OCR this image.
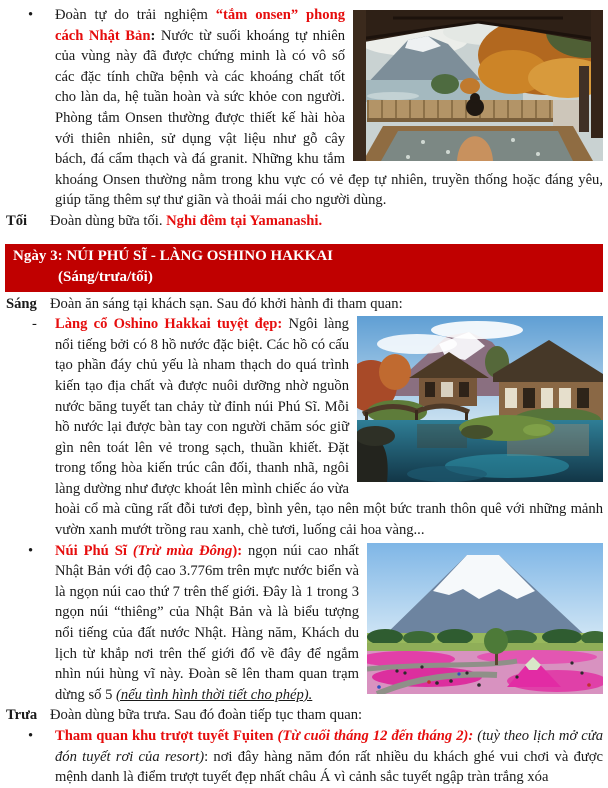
• Đoàn tự do trải nghiệm “tắm onsen” phong cách Nhật Bản: Nước từ suối khoáng tự nhiên của vùng này đã được chứng minh là có vô số các đặc tính chữa bệnh và các khoáng chất tốt cho làn da, hệ tuần hoàn và sức khỏe con người. Phòng tắm Onsen thường được thiết kế hài hòa với thiên nhiên, sử dụng vật liệu như gỗ cây bách, đá cẩm thạch và đá granit. Những khu tắm khoáng Onsen thường nằm trong khu vực có vẻ đẹp tự nhiên, truyền thống hoặc đáng yêu, giúp tăng thêm sự thư giãn và thoải mái cho người dùng.
Tối Đoàn dùng bữa tối. Nghỉ đêm tại Yamanashi.
Ngày 3: NÚI PHÚ SĨ - LÀNG OSHINO HAKKAI
(Sáng/trưa/tối)
Sáng Đoàn ăn sáng tại khách sạn. Sau đó khởi hành đi tham quan:
- Làng cổ Oshino Hakkai tuyệt đẹp: Ngôi làng nổi tiếng bởi có 8 hồ nước đặc biệt. Các hồ có cấu tạo phần đáy chủ yếu là nham thạch do quá trình kiến tạo địa chất và được nuôi dưỡng nhờ nguồn nước băng tuyết tan chảy từ đỉnh núi Phú Sĩ. Mỗi hồ nước lại được bàn tay con người chăm sóc giữ gìn nên toát lên vẻ trong sạch, thuần khiết. Đặt trong tổng hòa kiến trúc cân đối, thanh nhã, ngôi làng dường như được khoát lên mình chiếc áo vừa hoài cổ mà cũng rất đỗi tươi đẹp, bình yên, tạo nên một bức tranh thôn quê với những mảnh vườn xanh mướt trồng rau xanh, chè tươi, luống cải hoa vàng...
• Núi Phú Sĩ (Trừ mùa Đông): ngọn núi cao nhất Nhật Bản với độ cao 3.776m trên mực nước biển và là ngọn núi cao thứ 7 trên thế giới. Đây là 1 trong 3 ngọn núi “thiêng” của Nhật Bản và là biểu tượng nổi tiếng của đất nước Nhật. Hàng năm, Khách du lịch từ khắp nơi trên thế giới đổ về đây để ngắm nhìn núi hùng vĩ này. Đoàn sẽ lên tham quan trạm dừng số 5 (nếu tình hình thời tiết cho phép).
Trưa Đoàn dùng bữa trưa. Sau đó đoàn tiếp tục tham quan:
• Tham quan khu trượt tuyết Fụiten (Từ cuối tháng 12 đến tháng 2): (tuỳ theo lịch mở cửa đón tuyết rơi của resort): nơi đây hàng năm đón rất nhiều du khách ghé vui chơi và được mệnh danh là điểm trượt tuyết đẹp nhất châu Á vì cảnh sắc tuyết ngập tràn trắng xóa
